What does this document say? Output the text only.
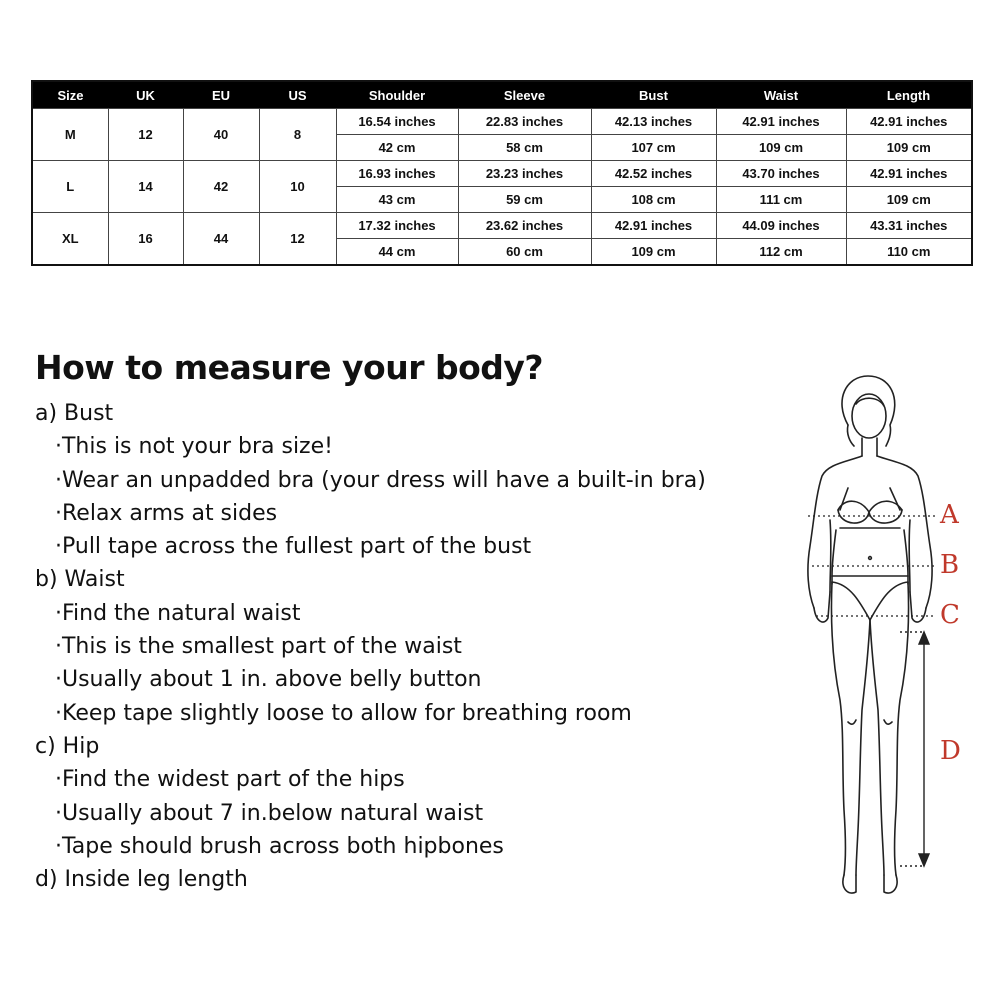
Size	UK	EU	US	Shoulder	Sleeve	Bust	Waist	Length
M	12	40	8	16.54 inches	22.83 inches	42.13 inches	42.91 inches	42.91 inches
				42 cm	58 cm	107 cm	109 cm	109 cm
L	14	42	10	16.93 inches	23.23 inches	42.52 inches	43.70 inches	42.91 inches
				43 cm	59 cm	108 cm	111 cm	109 cm
XL	16	44	12	17.32 inches	23.62 inches	42.91 inches	44.09 inches	43.31 inches
				44 cm	60 cm	109 cm	112 cm	110 cm
How to measure your body?
a) Bust
·This is not your bra size!
·Wear an unpadded bra (your dress will have a built-in bra)
·Relax arms at sides
·Pull tape across the fullest part of the bust
b) Waist
·Find the natural waist
·This is the smallest part of the waist
·Usually about 1 in. above belly button
·Keep tape slightly loose to allow for breathing room
c) Hip
·Find the widest part of the hips
·Usually about 7 in.below natural waist
·Tape should brush across both hipbones
d) Inside leg length
A
B
C
D
